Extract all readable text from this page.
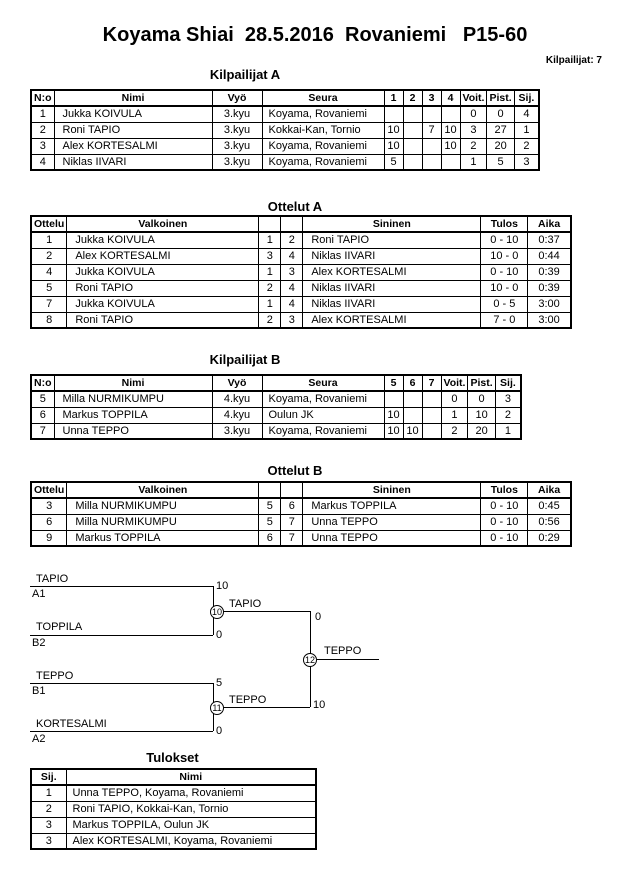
Koyama Shiai  28.5.2016  Rovaniemi   P15-60
Kilpailijat: 7
Kilpailijat A
N:o	Nimi	Vyö	Seura	1	2	3	4	Voit.	Pist.	Sij.
1	Jukka KOIVULA	3.kyu	Koyama, Rovaniemi					0	0	4
2	Roni TAPIO	3.kyu	Kokkai-Kan, Tornio	10		7	10	3	27	1
3	Alex KORTESALMI	3.kyu	Koyama, Rovaniemi	10			10	2	20	2
4	Niklas IIVARI	3.kyu	Koyama, Rovaniemi	5				1	5	3
Ottelut A
Ottelu	Valkoinen			Sininen	Tulos	Aika
1	Jukka KOIVULA	1	2	Roni TAPIO	0 - 10	0:37
2	Alex KORTESALMI	3	4	Niklas IIVARI	10 - 0	0:44
4	Jukka KOIVULA	1	3	Alex KORTESALMI	0 - 10	0:39
5	Roni TAPIO	2	4	Niklas IIVARI	10 - 0	0:39
7	Jukka KOIVULA	1	4	Niklas IIVARI	0 - 5	3:00
8	Roni TAPIO	2	3	Alex KORTESALMI	7 - 0	3:00
Kilpailijat B
N:o	Nimi	Vyö	Seura	5	6	7	Voit.	Pist.	Sij.
5	Milla NURMIKUMPU	4.kyu	Koyama, Rovaniemi				0	0	3
6	Markus TOPPILA	4.kyu	Oulun JK	10			1	10	2
7	Unna TEPPO	3.kyu	Koyama, Rovaniemi	10	10		2	20	1
Ottelut B
Ottelu	Valkoinen			Sininen	Tulos	Aika
3	Milla NURMIKUMPU	5	6	Markus TOPPILA	0 - 10	0:45
6	Milla NURMIKUMPU	5	7	Unna TEPPO	0 - 10	0:56
9	Markus TOPPILA	6	7	Unna TEPPO	0 - 10	0:29
TAPIO
A1
10
TOPPILA
B2
0
TAPIO
0
TEPPO
B1
5
KORTESALMI
A2
0
TEPPO	10
TEPPO
10
11
12
Tulokset
Sij.	Nimi
1	Unna TEPPO, Koyama, Rovaniemi
2	Roni TAPIO, Kokkai-Kan, Tornio
3	Markus TOPPILA, Oulun JK
3	Alex KORTESALMI, Koyama, Rovaniemi
